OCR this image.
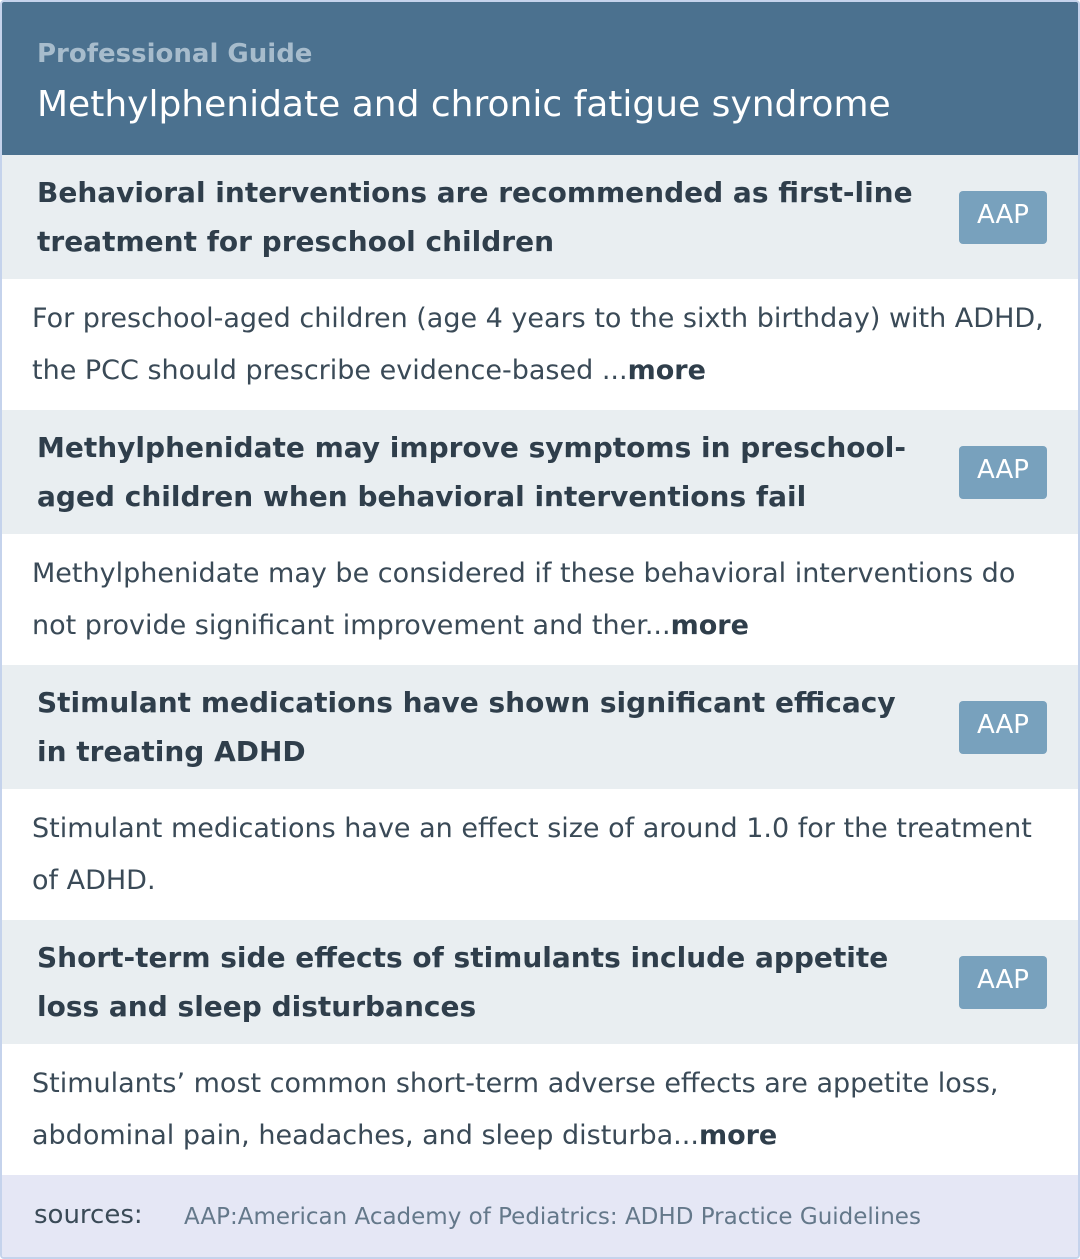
Professional Guide
Methylphenidate and chronic fatigue syndrome
Behavioral interventions are recommended as first-line treatment for preschool children
AAP
For preschool-aged children (age 4 years to the sixth birthday) with ADHD, the PCC should prescribe evidence-based ...more
Methylphenidate may improve symptoms in preschool-aged children when behavioral interventions fail
AAP
Methylphenidate may be considered if these behavioral interventions do not provide significant improvement and ther...more
Stimulant medications have shown significant efficacy in treating ADHD
AAP
Stimulant medications have an effect size of around 1.0 for the treatment of ADHD.
Short-term side effects of stimulants include appetite loss and sleep disturbances
AAP
Stimulants’ most common short-term adverse effects are appetite loss, abdominal pain, headaches, and sleep disturba...more
sources: AAP:American Academy of Pediatrics: ADHD Practice Guidelines
